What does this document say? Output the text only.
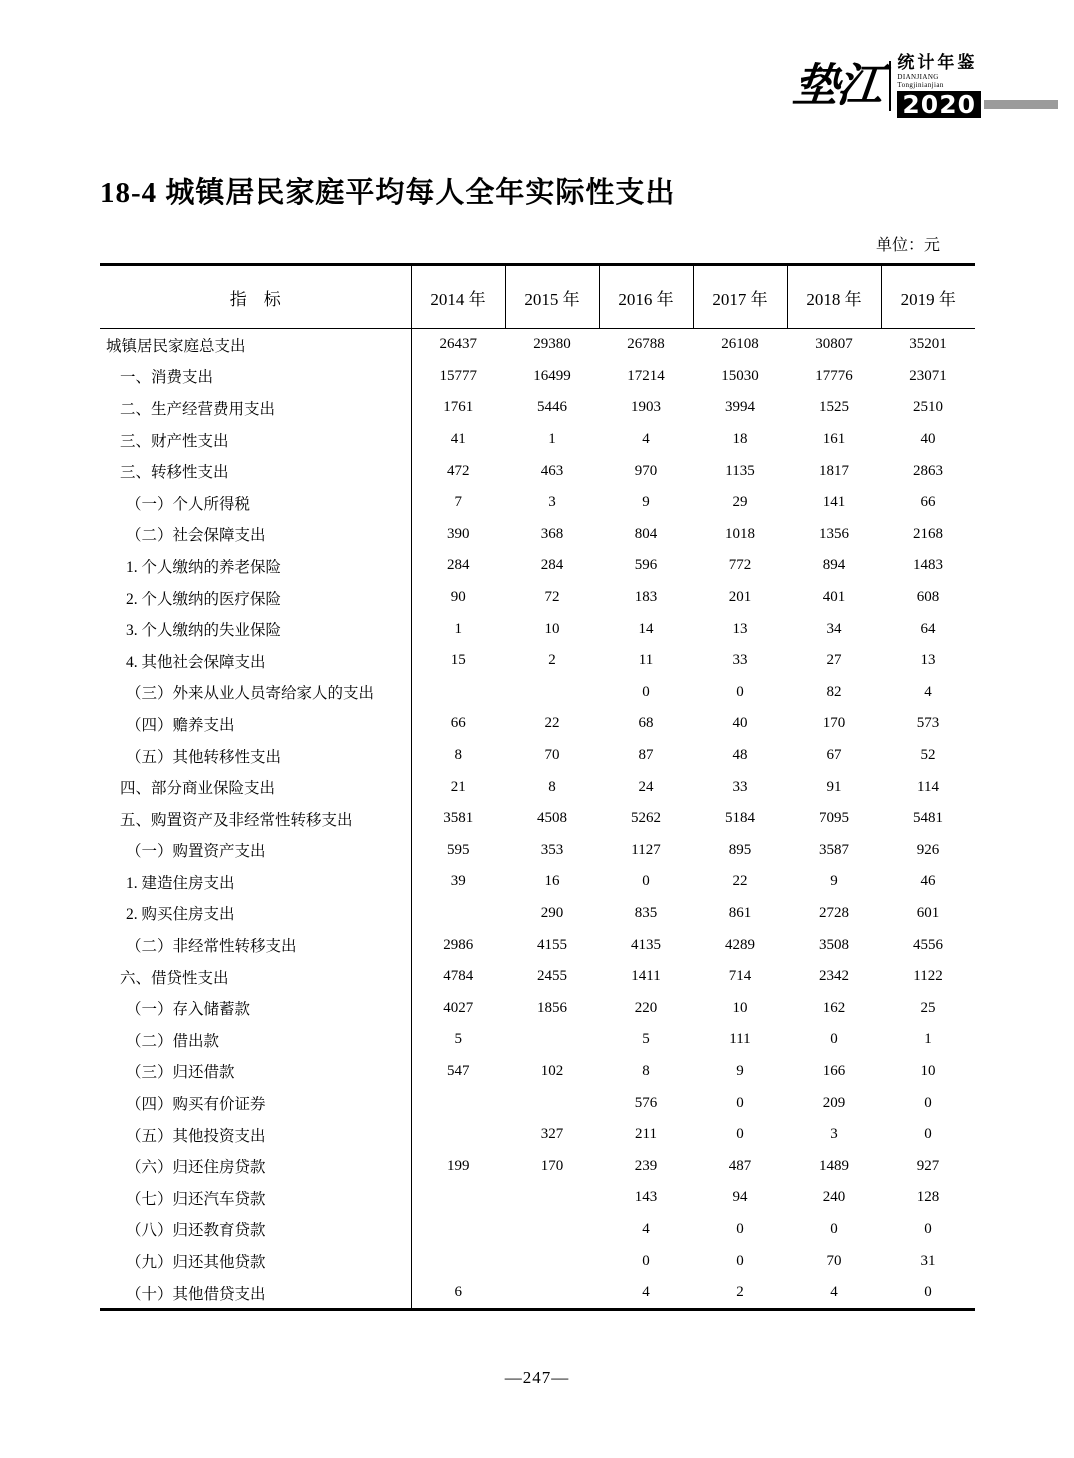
垫江 统计年鉴
DIANJIANG
Tongjinianjian
2020
18-4 城镇居民家庭平均每人全年实际性支出
单位：元
指　标	2014 年	2015 年	2016 年	2017 年	2018 年	2019 年
城镇居民家庭总支出	26437	29380	26788	26108	30807	35201
一、消费支出	15777	16499	17214	15030	17776	23071
二、生产经营费用支出	1761	5446	1903	3994	1525	2510
三、财产性支出	41	1	4	18	161	40
三、转移性支出	472	463	970	1135	1817	2863
（一）个人所得税	7	3	9	29	141	66
（二）社会保障支出	390	368	804	1018	1356	2168
1. 个人缴纳的养老保险	284	284	596	772	894	1483
2. 个人缴纳的医疗保险	90	72	183	201	401	608
3. 个人缴纳的失业保险	1	10	14	13	34	64
4. 其他社会保障支出	15	2	11	33	27	13
（三）外来从业人员寄给家人的支出			0	0	82	4
（四）赡养支出	66	22	68	40	170	573
（五）其他转移性支出	8	70	87	48	67	52
四、部分商业保险支出	21	8	24	33	91	114
五、购置资产及非经常性转移支出	3581	4508	5262	5184	7095	5481
（一）购置资产支出	595	353	1127	895	3587	926
1. 建造住房支出	39	16	0	22	9	46
2. 购买住房支出		290	835	861	2728	601
（二）非经常性转移支出	2986	4155	4135	4289	3508	4556
六、借贷性支出	4784	2455	1411	714	2342	1122
（一）存入储蓄款	4027	1856	220	10	162	25
（二）借出款	5		5	111	0	1
（三）归还借款	547	102	8	9	166	10
（四）购买有价证券			576	0	209	0
（五）其他投资支出		327	211	0	3	0
（六）归还住房贷款	199	170	239	487	1489	927
（七）归还汽车贷款			143	94	240	128
（八）归还教育贷款			4	0	0	0
（九）归还其他贷款			0	0	70	31
（十）其他借贷支出	6		4	2	4	0
—247—
